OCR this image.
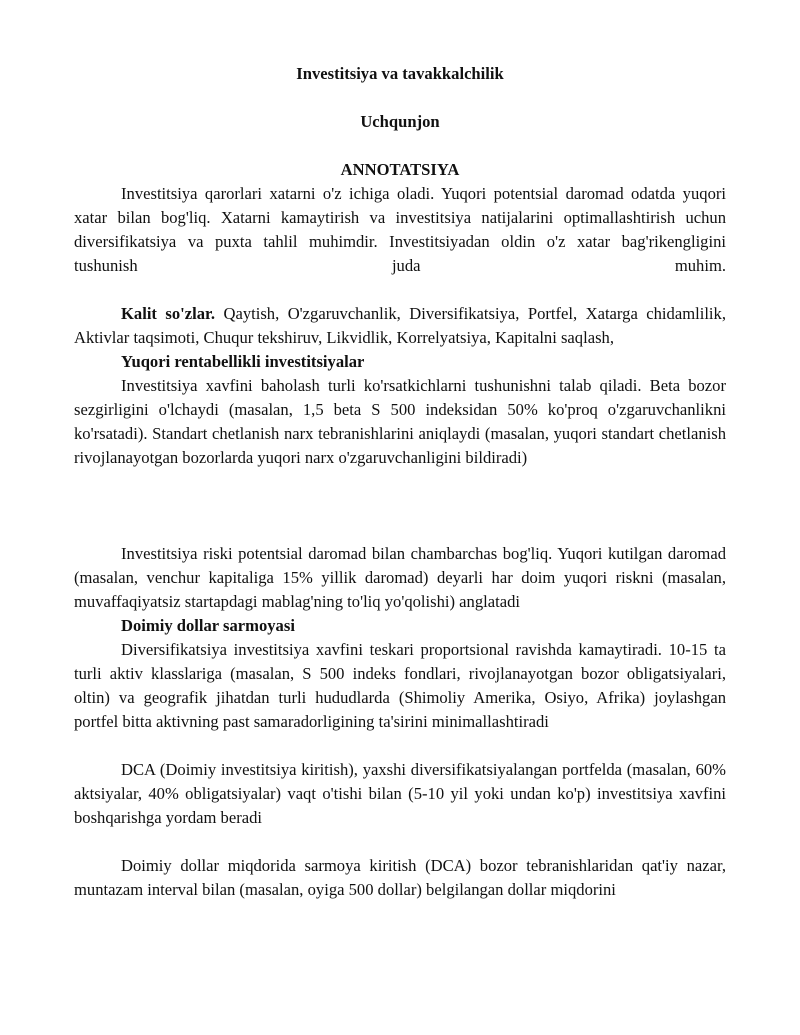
Investitsiya va tavakkalchilik
Uchqunjon
ANNOTATSIYA

Investitsiya qarorlari xatarni o'z ichiga oladi. Yuqori potentsial daromad odatda yuqori xatar bilan bog'liq. Xatarni kamaytirish va investitsiya natijalarini optimallashtirish uchun diversifikatsiya va puxta tahlil muhimdir. Investitsiyadan oldin o'z xatar bag'rikengligini tushunish juda muhim.

Kalit so'zlar. Qaytish, O'zgaruvchanlik, Diversifikatsiya, Portfel, Xatarga chidamlilik, Aktivlar taqsimoti, Chuqur tekshiruv, Likvidlik, Korrelyatsiya, Kapitalni saqlash,

Yuqori rentabellikli investitsiyalar

Investitsiya xavfini baholash turli ko'rsatkichlarni tushunishni talab qiladi. Beta bozor sezgirligini o'lchaydi (masalan, 1,5 beta S 500 indeksidan 50% ko'proq o'zgaruvchanlikni ko'rsatadi). Standart chetlanish narx tebranishlarini aniqlaydi (masalan, yuqori standart chetlanish rivojlanayotgan bozorlarda yuqori narx o'zgaruvchanligini bildiradi)

Investitsiya riski potentsial daromad bilan chambarchas bog'liq. Yuqori kutilgan daromad (masalan, venchur kapitaliga 15% yillik daromad) deyarli har doim yuqori riskni (masalan, muvaffaqiyatsiz startapdagi mablag'ning to'liq yo'qolishi) anglatadi

Doimiy dollar sarmoyasi

Diversifikatsiya investitsiya xavfini teskari proportsional ravishda kamaytiradi. 10-15 ta turli aktiv klasslariga (masalan, S 500 indeks fondlari, rivojlanayotgan bozor obligatsiyalari, oltin) va geografik jihatdan turli hududlarda (Shimoliy Amerika, Osiyo, Afrika) joylashgan portfel bitta aktivning past samaradorligining ta'sirini minimallashtiradi

DCA (Doimiy investitsiya kiritish), yaxshi diversifikatsiyalangan portfelda (masalan, 60% aktsiyalar, 40% obligatsiyalar) vaqt o'tishi bilan (5-10 yil yoki undan ko'p) investitsiya xavfini boshqarishga yordam beradi

Doimiy dollar miqdorida sarmoya kiritish (DCA) bozor tebranishlaridan qat'iy nazar, muntazam interval bilan (masalan, oyiga 500 dollar) belgilangan dollar miqdorini
